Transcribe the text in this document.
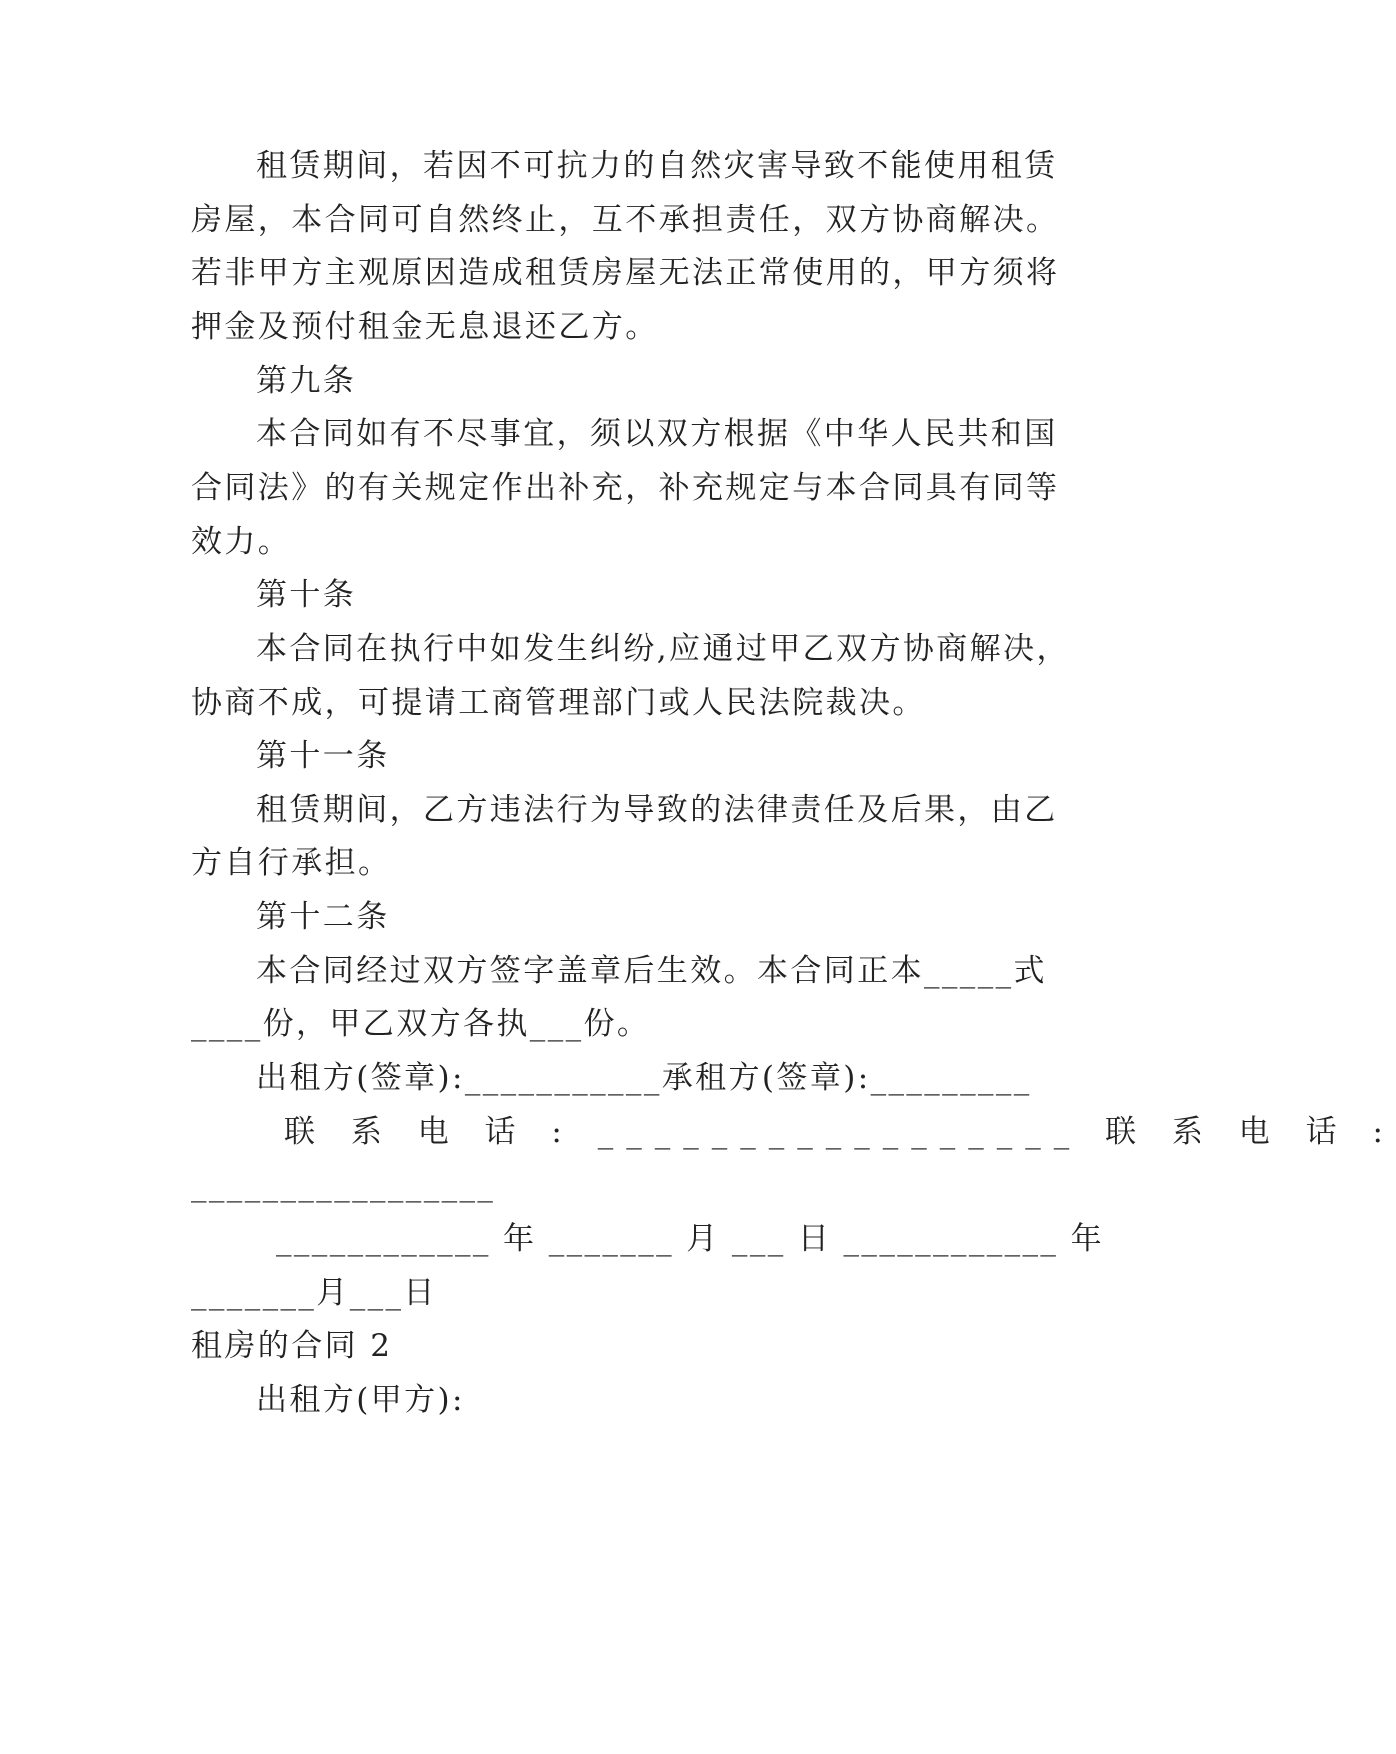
租赁期间，若因不可抗力的自然灾害导致不能使用租赁
房屋，本合同可自然终止，互不承担责任，双方协商解决。
若非甲方主观原因造成租赁房屋无法正常使用的，甲方须将
押金及预付租金无息退还乙方。
第九条
本合同如有不尽事宜，须以双方根据《中华人民共和国
合同法》的有关规定作出补充，补充规定与本合同具有同等
效力。
第十条
本合同在执行中如发生纠纷,应通过甲乙双方协商解决，
协商不成，可提请工商管理部门或人民法院裁决。
第十一条
租赁期间，乙方违法行为导致的法律责任及后果，由乙
方自行承担。
第十二条
本合同经过双方签字盖章后生效。本合同正本_____式
____份，甲乙双方各执___份。
出租方(签章):___________承租方(签章):_________
联 系 电 话 : _________________ 联 系 电 话 :
_________________
____________ 年 _______ 月 ___ 日 ____________ 年
_______月___日
租房的合同 2
出租方(甲方):
